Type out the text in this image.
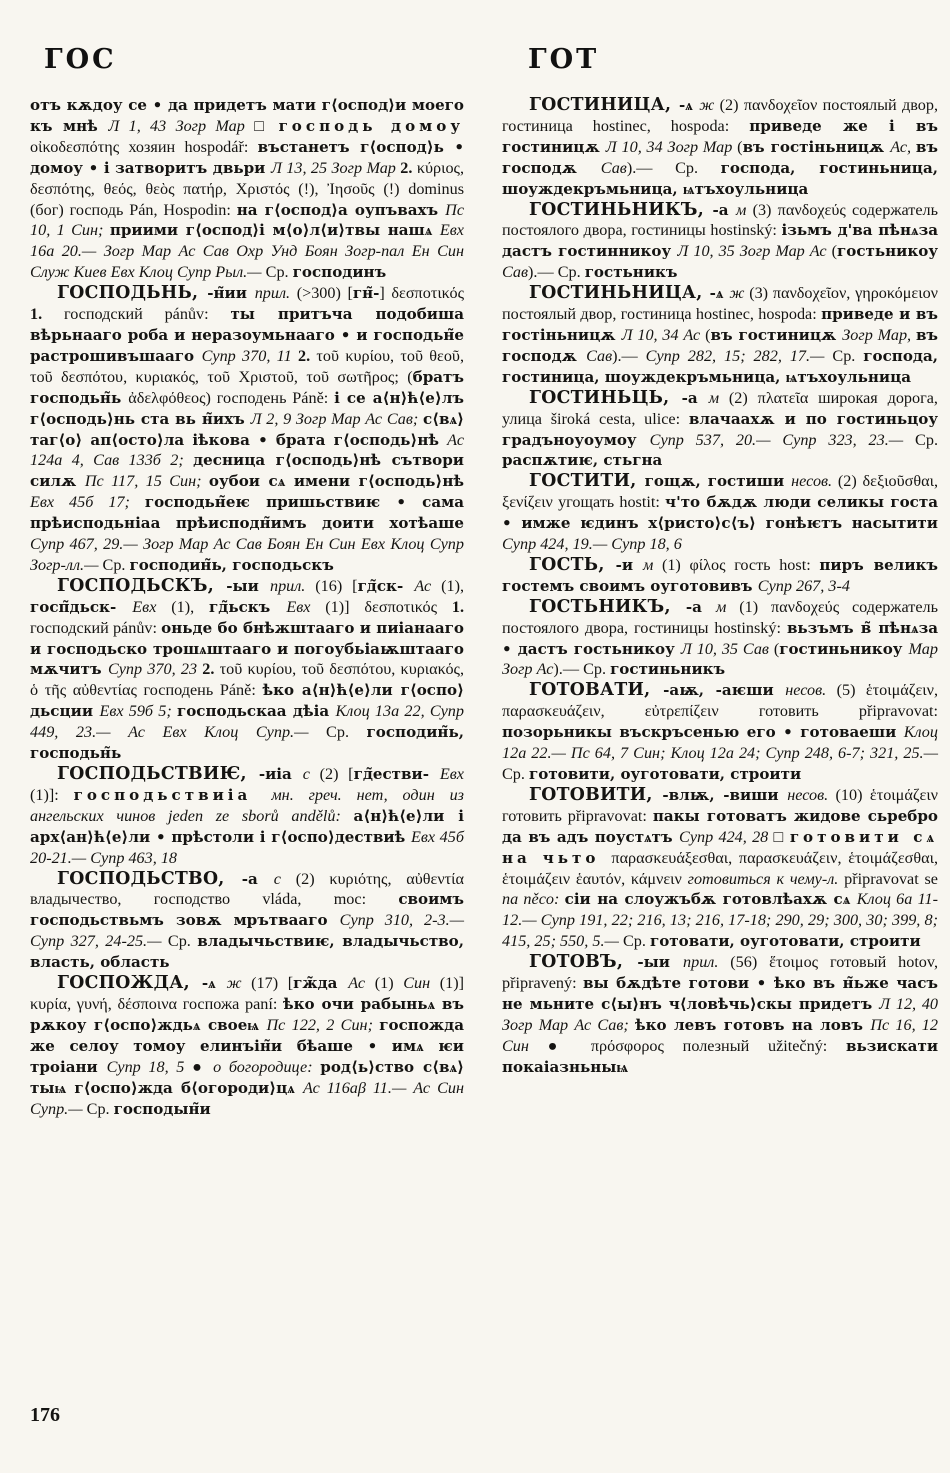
ГОС

отъ кѫдоу се • да придетъ мати г⟨оспод⟩и моего къ мнѣ Л 1, 43 Зогр Мар □ господь домоу οἰκοδεσπότης хозяин hospodář: въстанетъ г⟨оспод⟩ь • домоу • і затворитъ двьри Л 13, 25 Зогр Мар 2. κύριος, δεσπότης, θεός, θεὸς πατήρ, Χριστός (!), Ἰησοῦς (!) dominus (бог) господь Pán, Hospodin: на г⟨оспод⟩а оупъвахъ Пс 10, 1 Син; приими г⟨оспод⟩і м⟨о⟩л⟨и⟩твы нашѧ Евх 16а 20.— Зогр Мар Ас Сав Охр Унд Боян Зогр-пал Ен Син Служ Киев Евх Клоц Супр Рыл.— Ср. господинъ

ГОСПОДЬНЬ, -н̃ии прил. (>300) [гн̃-] δεσποτικός 1. господский pánův: ты притъча подобиша вѣрьнааго роба и неразоумьнааго • и господьн̃е растрошивъшааго Супр 370, 11 2. τοῦ κυρίου, τοῦ θεοῦ, τοῦ δεσπότου, κυριακός, τοῦ Χριστοῦ, τοῦ σωτῆρος; (братъ господьн̃ь ἀδελφόθεος) господень Páně: і се а⟨н⟩ћ⟨е⟩лъ г⟨осподь⟩нь ста вь н̃ихъ Л 2, 9 Зогр Мар Ас Сав; с⟨вѧ⟩таг⟨о⟩ ап⟨осто⟩ла іѣкова • брата г⟨осподь⟩нѣ Ас 124а 4, Сав 133б 2; десница г⟨осподь⟩нѣ сътвори силѫ Пс 117, 15 Син; оубои сѧ имени г⟨осподь⟩нѣ Евх 45б 17; господьн̃еѥ пришьствиѥ • сама прѣисподьніаа прѣисподн̃имъ доити хотѣаше Супр 467, 29.— Зогр Мар Ас Сав Боян Ен Син Евх Клоц Супр Зогр-лл.— Ср. господин̃ь, господьскъ

ГОСПОДЬСКЪ, -ыи прил. (16) [гд̃ск- Ас (1), госп̃дьск- Евх (1), гд̃ьскъ Евх (1)] δεσποτικός 1. господский pánův: оньде бо бнѣжштааго и пиіанааго и господьско трошѧштааго и погоубьіаѭштааго мѫчитъ Супр 370, 23 2. τοῦ κυρίου, τοῦ δεσπότου, κυριακός, ὁ τῆς αὐθεντίας господень Páně: ѣко а⟨н⟩ћ⟨е⟩ли г⟨оспо⟩дьсции Евх 59б 5; господьскаа дѣіа Клоц 13а 22, Супр 449, 23.— Ас Евх Клоц Супр.— Ср. господин̃ь, господьн̃ь

ГОСПОДЬСТВИѤ, -иіа с (2) [гд̃естви- Евх (1)]: господьствиіа мн. греч. нет, один из ангельских чинов jeden ze sborů andělů: а⟨н⟩ћ⟨е⟩ли і арх⟨ан⟩ћ⟨е⟩ли • прѣстоли і г⟨оспо⟩дествиѣ Евх 45б 20-21.— Супр 463, 18

ГОСПОДЬСТВО, -а с (2) κυριότης, αὐθεντία владычество, господство vláda, moc: своимъ господьствьмъ зовѫ мрътвааго Супр 310, 2-3.— Супр 327, 24-25.— Ср. владычьствиѥ, владычьство, власть, область

ГОСПОЖДА, -ѧ ж (17) [гж̃да Ас (1) Син (1)] κυρία, γυνή, δέσποινα госпожа paní: ѣко очи рабыньѧ въ рѫкоу г⟨оспо⟩ждьѧ своеѩ Пс 122, 2 Син; госпожда же селоу томоу елинъін̃и бѣаше • имѧ ѥи троіани Супр 18, 5 ● о богородице: род⟨ь⟩ство с⟨вѧ⟩тыѩ г⟨оспо⟩жда б⟨огороди⟩цѧ Ас 116аβ 11.— Ас Син Супр.— Ср. господын̃и

ГОТ

ГОСТИНИЦА, -ѧ ж (2) πανδοχεῖον постоялый двор, гостиница hostinec, hospoda: приведе же і въ гостиницѫ Л 10, 34 Зогр Мар (въ гостіньницѫ Ас, въ господѫ Сав).— Ср. господа, гостиньница, шоуждекръмьница, ѩтъхоульница

ГОСТИНЬНИКЪ, -а м (3) πανδοχεύς содержатель постоялого двора, гостиницы hostinský: ізьмъ д'ва пѣнѧза дастъ гостинникоу Л 10, 35 Зогр Мар Ас (гостьникоу Сав).— Ср. гостьникъ

ГОСТИНЬНИЦА, -ѧ ж (3) πανδοχεῖον, γηροκόμειον постоялый двор, гостиница hostinec, hospoda: приведе и въ гостіньницѫ Л 10, 34 Ас (въ гостиницѫ Зогр Мар, въ господѫ Сав).— Супр 282, 15; 282, 17.— Ср. господа, гостиница, шоуждекръмьница, ѩтъхоульница

ГОСТИНЬЦЬ, -а м (2) πλατεῖα широкая дорога, улица široká cesta, ulice: влачаахѫ и по гостиньцоу градъноуоумоу Супр 537, 20.— Супр 323, 23.— Ср. распѫтиѥ, стьгна

ГОСТИТИ, гощѫ, гостиши несов. (2) δεξιοῦσθαι, ξενίζειν угощать hostit: ч'то бѫдѫ люди селикы госта • имже ѥдинъ х⟨ристо⟩с⟨ъ⟩ гонѣѥтъ насытити Супр 424, 19.— Супр 18, 6

ГОСТЬ, -и м (1) φίλος гость host: пиръ великъ гостемъ своимъ оуготовивъ Супр 267, 3-4

ГОСТЬНИКЪ, -а м (1) πανδοχεύς содержатель постоялого двора, гостиницы hostinský: вьзъмъ в̃ пѣнѧза • дастъ гостьникоу Л 10, 35 Сав (гостиньникоу Мар Зогр Ас).— Ср. гостиньникъ

ГОТОВАТИ, -аѭ, -аѥши несов. (5) ἑτοιμάζειν, παρασκευάζειν, εὐτρεπίζειν готовить připravovat: позорьникы въскръсенью его • готоваеши Клоц 12а 22.— Пс 64, 7 Син; Клоц 12а 24; Супр 248, 6-7; 321, 25.— Ср. готовити, оуготовати, строити

ГОТОВИТИ, -влѭ, -виши несов. (10) ἑτοιμάζειν готовить připravovat: пакы готоватъ жидове сьребро да въ адъ поустѧтъ Супр 424, 28 □ готовити сѧ на чьто παρασκευάξεσθαι, παρασκευάζειν, ἑτοιμάζεσθαι, ἑτοιμάζειν ἑαυτόν, κάμνειν готовиться к чему-л. připravovat se na něco: сіи на слоужъбѫ готовлѣахѫ сѧ Клоц 6а 11-12.— Супр 191, 22; 216, 13; 216, 17-18; 290, 29; 300, 30; 399, 8; 415, 25; 550, 5.— Ср. готовати, оуготовати, строити

ГОТОВЪ, -ыи прил. (56) ἕτοιμος готовый hotov, připravený: вы бѫдѣте готови • ѣко въ н̃ьже часъ не мьните с⟨ы⟩нъ ч⟨ловѣчь⟩скы придетъ Л 12, 40 Зогр Мар Ас Сав; ѣко левъ готовъ на ловъ Пс 16, 12 Син ● πρόσφορος полезный užitečný: вьзискати покаіазньныѩ

176
